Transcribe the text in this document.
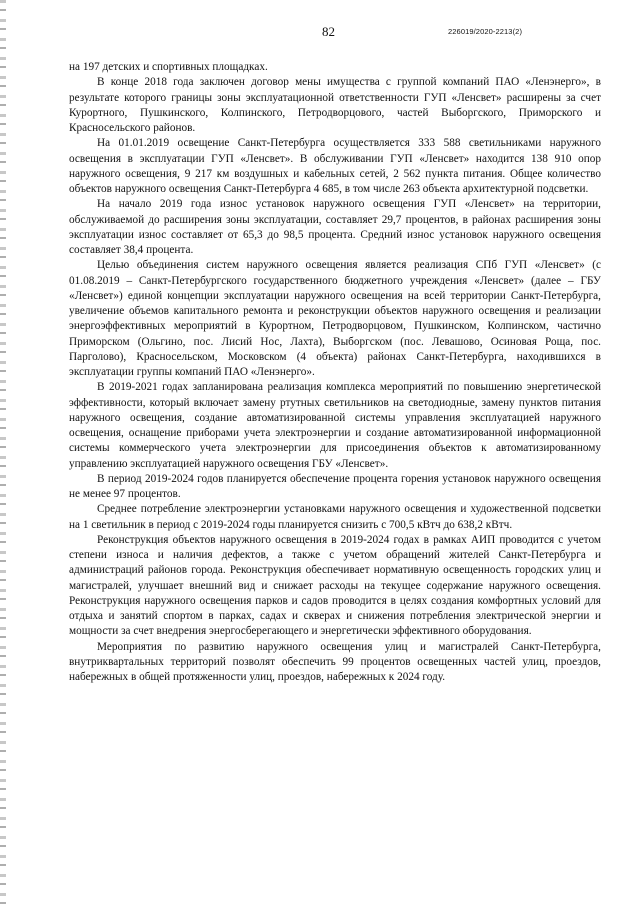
82	226019/2020-2213(2)

на 197 детских и спортивных площадках.

В конце 2018 года заключен договор мены имущества с группой компаний ПАО «Ленэнерго», в результате которого границы зоны эксплуатационной ответственности ГУП «Ленсвет» расширены за счет Курортного, Пушкинского, Колпинского, Петродворцового, частей Выборгского, Приморского и Красносельского районов.

На 01.01.2019 освещение Санкт-Петербурга осуществляется 333 588 светильниками наружного освещения в эксплуатации ГУП «Ленсвет». В обслуживании ГУП «Ленсвет» находится 138 910 опор наружного освещения, 9 217 км воздушных и кабельных сетей, 2 562 пункта питания. Общее количество объектов наружного освещения Санкт-Петербурга 4 685, в том числе 263 объекта архитектурной подсветки.

На начало 2019 года износ установок наружного освещения ГУП «Ленсвет» на территории, обслуживаемой до расширения зоны эксплуатации, составляет 29,7 процентов, в районах расширения зоны эксплуатации износ составляет от 65,3 до 98,5 процента. Средний износ установок наружного освещения составляет 38,4 процента.

Целью объединения систем наружного освещения является реализация СПб ГУП «Ленсвет» (с 01.08.2019 – Санкт-Петербургского государственного бюджетного учреждения «Ленсвет» (далее – ГБУ «Ленсвет») единой концепции эксплуатации наружного освещения на всей территории Санкт-Петербурга, увеличение объемов капитального ремонта и реконструкции объектов наружного освещения и реализации энергоэффективных мероприятий в Курортном, Петродворцовом, Пушкинском, Колпинском, частично Приморском (Ольгино, пос. Лисий Нос, Лахта), Выборгском (пос. Левашово, Осиновая Роща, пос. Парголово), Красносельском, Московском (4 объекта) районах Санкт-Петербурга, находившихся в эксплуатации группы компаний ПАО «Ленэнерго».

В 2019-2021 годах запланирована реализация комплекса мероприятий по повышению энергетической эффективности, который включает замену ртутных светильников на светодиодные, замену пунктов питания наружного освещения, создание автоматизированной системы управления эксплуатацией наружного освещения, оснащение приборами учета электроэнергии и создание автоматизированной информационной системы коммерческого учета электроэнергии для присоединения объектов к автоматизированному управлению эксплуатацией наружного освещения ГБУ «Ленсвет».

В период 2019-2024 годов планируется обеспечение процента горения установок наружного освещения не менее 97 процентов.

Среднее потребление электроэнергии установками наружного освещения и художественной подсветки на 1 светильник в период с 2019-2024 годы планируется снизить с 700,5 кВтч до 638,2 кВтч.

Реконструкция объектов наружного освещения в 2019-2024 годах в рамках АИП проводится с учетом степени износа и наличия дефектов, а также с учетом обращений жителей Санкт-Петербурга и администраций районов города. Реконструкция обеспечивает нормативную освещенность городских улиц и магистралей, улучшает внешний вид и снижает расходы на текущее содержание наружного освещения. Реконструкция наружного освещения парков и садов проводится в целях создания комфортных условий для отдыха и занятий спортом в парках, садах и скверах и снижения потребления электрической энергии и мощности за счет внедрения энергосберегающего и энергетически эффективного оборудования.

Мероприятия по развитию наружного освещения улиц и магистралей Санкт-Петербурга, внутриквартальных территорий позволят обеспечить 99 процентов освещенных частей улиц, проездов, набережных в общей протяженности улиц, проездов, набережных к 2024 году.
